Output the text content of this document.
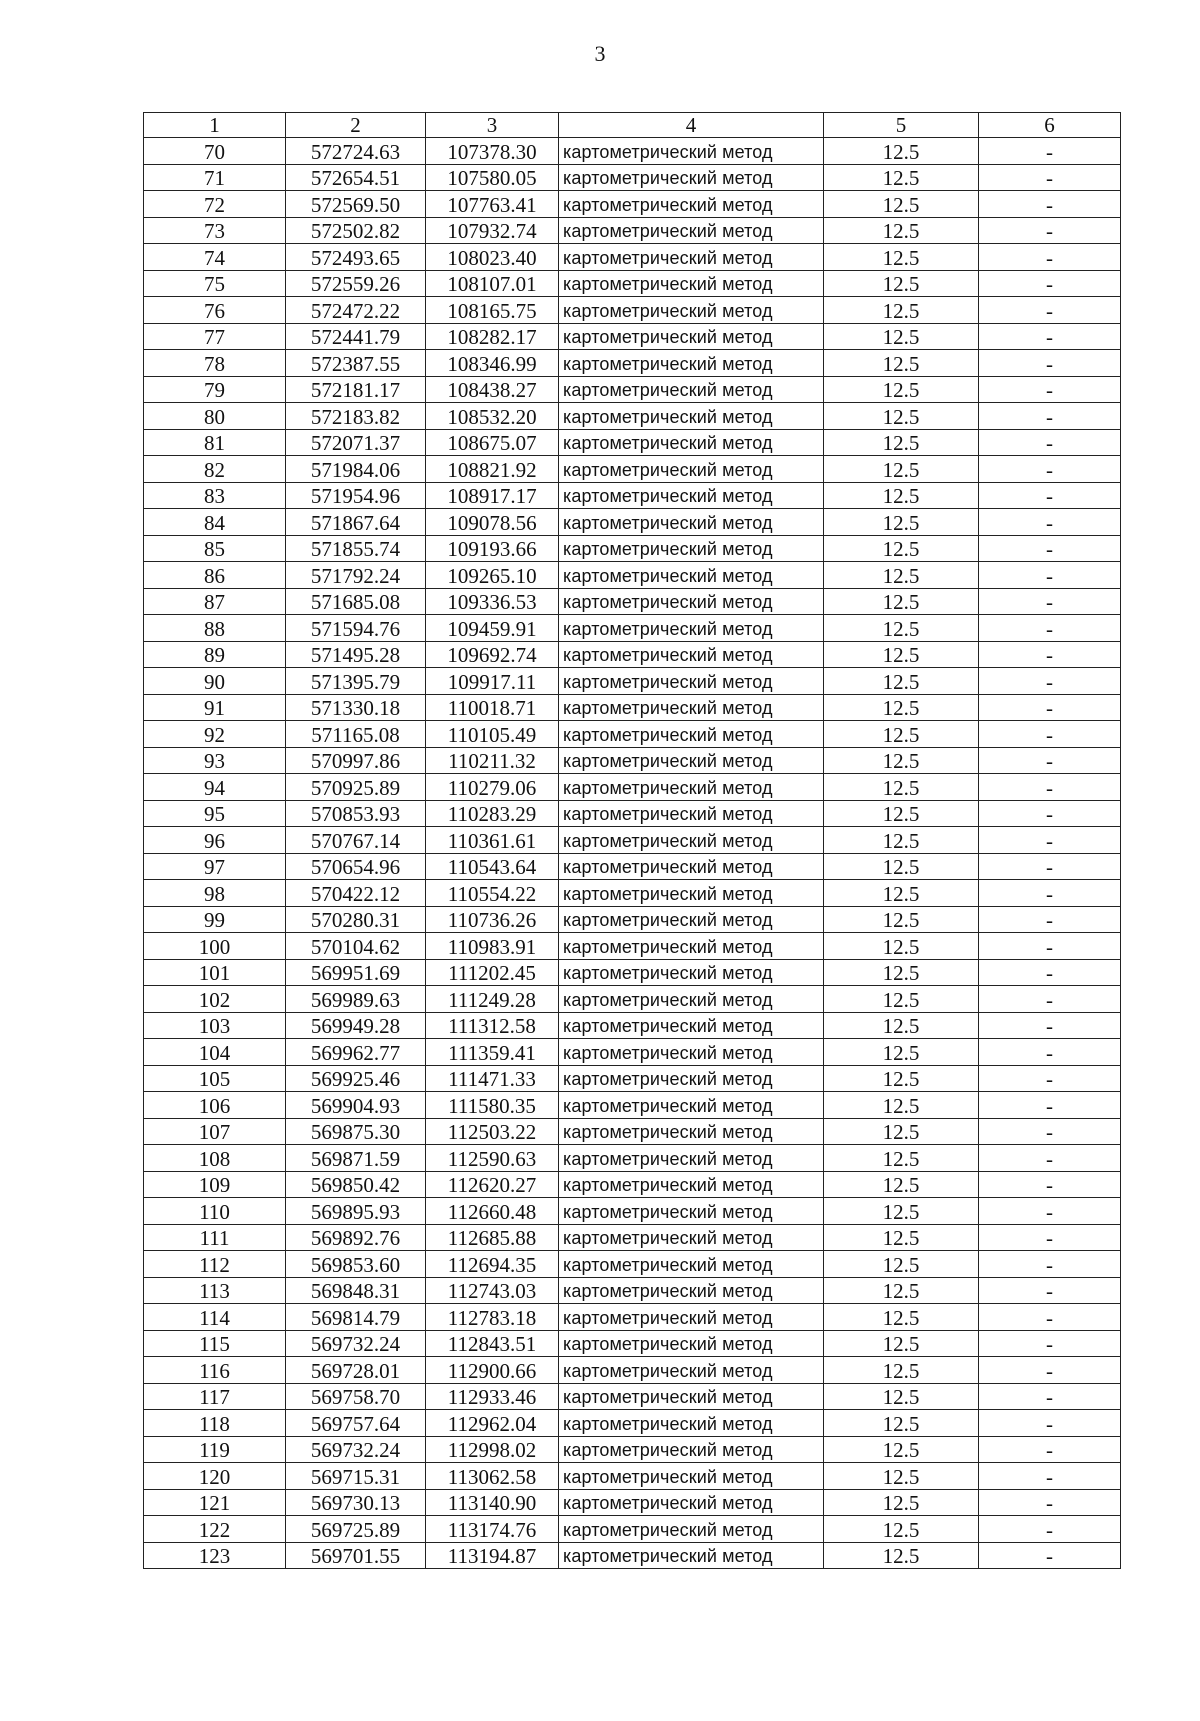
3
1	2	3	4	5	6
70	572724.63	107378.30	картометрический метод	12.5	-
71	572654.51	107580.05	картометрический метод	12.5	-
72	572569.50	107763.41	картометрический метод	12.5	-
73	572502.82	107932.74	картометрический метод	12.5	-
74	572493.65	108023.40	картометрический метод	12.5	-
75	572559.26	108107.01	картометрический метод	12.5	-
76	572472.22	108165.75	картометрический метод	12.5	-
77	572441.79	108282.17	картометрический метод	12.5	-
78	572387.55	108346.99	картометрический метод	12.5	-
79	572181.17	108438.27	картометрический метод	12.5	-
80	572183.82	108532.20	картометрический метод	12.5	-
81	572071.37	108675.07	картометрический метод	12.5	-
82	571984.06	108821.92	картометрический метод	12.5	-
83	571954.96	108917.17	картометрический метод	12.5	-
84	571867.64	109078.56	картометрический метод	12.5	-
85	571855.74	109193.66	картометрический метод	12.5	-
86	571792.24	109265.10	картометрический метод	12.5	-
87	571685.08	109336.53	картометрический метод	12.5	-
88	571594.76	109459.91	картометрический метод	12.5	-
89	571495.28	109692.74	картометрический метод	12.5	-
90	571395.79	109917.11	картометрический метод	12.5	-
91	571330.18	110018.71	картометрический метод	12.5	-
92	571165.08	110105.49	картометрический метод	12.5	-
93	570997.86	110211.32	картометрический метод	12.5	-
94	570925.89	110279.06	картометрический метод	12.5	-
95	570853.93	110283.29	картометрический метод	12.5	-
96	570767.14	110361.61	картометрический метод	12.5	-
97	570654.96	110543.64	картометрический метод	12.5	-
98	570422.12	110554.22	картометрический метод	12.5	-
99	570280.31	110736.26	картометрический метод	12.5	-
100	570104.62	110983.91	картометрический метод	12.5	-
101	569951.69	111202.45	картометрический метод	12.5	-
102	569989.63	111249.28	картометрический метод	12.5	-
103	569949.28	111312.58	картометрический метод	12.5	-
104	569962.77	111359.41	картометрический метод	12.5	-
105	569925.46	111471.33	картометрический метод	12.5	-
106	569904.93	111580.35	картометрический метод	12.5	-
107	569875.30	112503.22	картометрический метод	12.5	-
108	569871.59	112590.63	картометрический метод	12.5	-
109	569850.42	112620.27	картометрический метод	12.5	-
110	569895.93	112660.48	картометрический метод	12.5	-
111	569892.76	112685.88	картометрический метод	12.5	-
112	569853.60	112694.35	картометрический метод	12.5	-
113	569848.31	112743.03	картометрический метод	12.5	-
114	569814.79	112783.18	картометрический метод	12.5	-
115	569732.24	112843.51	картометрический метод	12.5	-
116	569728.01	112900.66	картометрический метод	12.5	-
117	569758.70	112933.46	картометрический метод	12.5	-
118	569757.64	112962.04	картометрический метод	12.5	-
119	569732.24	112998.02	картометрический метод	12.5	-
120	569715.31	113062.58	картометрический метод	12.5	-
121	569730.13	113140.90	картометрический метод	12.5	-
122	569725.89	113174.76	картометрический метод	12.5	-
123	569701.55	113194.87	картометрический метод	12.5	-
